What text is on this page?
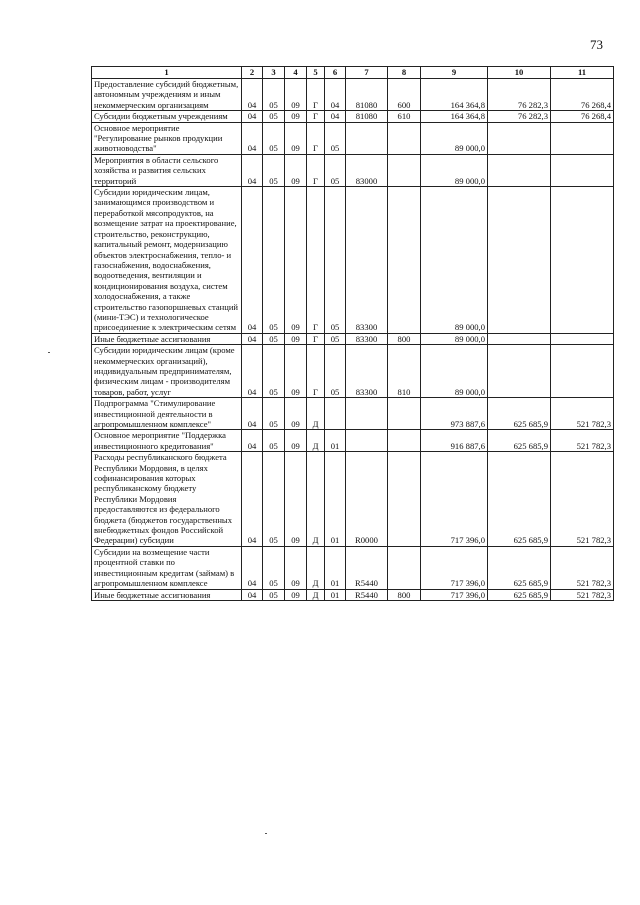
73
1	2	3	4	5	6	7	8	9	10	11
Предоставление субсидий бюджетным, автономным учреждениям и иным некоммерческим организациям	04	05	09	Г	04	81080	600	164 364,8	76 282,3	76 268,4
Субсидии бюджетным учреждениям	04	05	09	Г	04	81080	610	164 364,8	76 282,3	76 268,4
Основное мероприятие "Регулирование рынков продукции животноводства"	04	05	09	Г	05			89 000,0		
Мероприятия в области сельского хозяйства и развития сельских территорий	04	05	09	Г	05	83000		89 000,0		
Субсидии юридическим лицам, занимающимся производством и переработкой мясопродуктов, на возмещение затрат на проектирование, строительство, реконструкцию, капитальный ремонт, модернизацию объектов электроснабжения, тепло- и газоснабжения, водоснабжения, водоотведения, вентиляции и кондиционирования воздуха, систем холодоснабжения, а также строительство газопоршневых станций (мини-ТЭС) и технологическое присоединение к электрическим сетям	04	05	09	Г	05	83300		89 000,0		
Иные бюджетные ассигнования	04	05	09	Г	05	83300	800	89 000,0		
Субсидии юридическим лицам (кроме некоммерческих организаций), индивидуальным предпринимателям, физическим лицам - производителям товаров, работ, услуг	04	05	09	Г	05	83300	810	89 000,0		
Подпрограмма "Стимулирование инвестиционной деятельности в агропромышленном комплексе"	04	05	09	Д				973 887,6	625 685,9	521 782,3
Основное мероприятие "Поддержка инвестиционного кредитования"	04	05	09	Д	01			916 887,6	625 685,9	521 782,3
Расходы республиканского бюджета Республики Мордовия, в целях софинансирования которых республиканскому бюджету Республики Мордовия предоставляются из федерального бюджета (бюджетов государственных внебюджетных фондов Российской Федерации) субсидии	04	05	09	Д	01	R0000		717 396,0	625 685,9	521 782,3
Субсидии на возмещение части процентной ставки по инвестиционным кредитам (займам) в агропромышленном комплексе	04	05	09	Д	01	R5440		717 396,0	625 685,9	521 782,3
Иные бюджетные ассигнования	04	05	09	Д	01	R5440	800	717 396,0	625 685,9	521 782,3
